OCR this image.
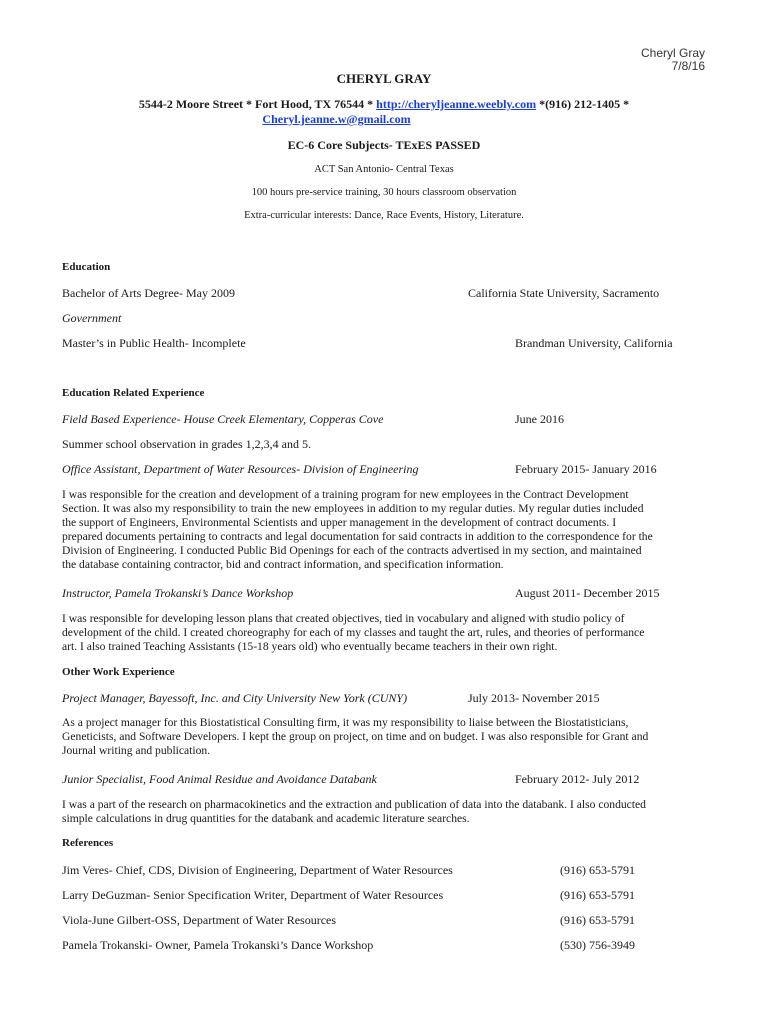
Cheryl Gray
7/8/16
CHERYL GRAY
5544-2 Moore Street * Fort Hood, TX 76544 * http://cheryljeanne.weebly.com *(916) 212-1405 *
Cheryl.jeanne.w@gmail.com
EC-6 Core Subjects- TExES PASSED
ACT San Antonio- Central Texas
100 hours pre-service training, 30 hours classroom observation
Extra-curricular interests: Dance, Race Events, History, Literature.
Education
Bachelor of Arts Degree- May 2009	California State University, Sacramento
Government
Master’s in Public Health- Incomplete	Brandman University, California
Education Related Experience
Field Based Experience- House Creek Elementary, Copperas Cove	June 2016
Summer school observation in grades 1,2,3,4 and 5.
Office Assistant, Department of Water Resources- Division of Engineering	February 2015- January 2016
I was responsible for the creation and development of a training program for new employees in the Contract Development
Section. It was also my responsibility to train the new employees in addition to my regular duties. My regular duties included
the support of Engineers, Environmental Scientists and upper management in the development of contract documents. I
prepared documents pertaining to contracts and legal documentation for said contracts in addition to the correspondence for the
Division of Engineering. I conducted Public Bid Openings for each of the contracts advertised in my section, and maintained
the database containing contractor, bid and contract information, and specification information.
Instructor, Pamela Trokanski’s Dance Workshop	August 2011- December 2015
I was responsible for developing lesson plans that created objectives, tied in vocabulary and aligned with studio policy of
development of the child. I created choreography for each of my classes and taught the art, rules, and theories of performance
art. I also trained Teaching Assistants (15-18 years old) who eventually became teachers in their own right.
Other Work Experience
Project Manager, Bayessoft, Inc. and City University New York (CUNY)	July 2013- November 2015
As a project manager for this Biostatistical Consulting firm, it was my responsibility to liaise between the Biostatisticians,
Geneticists, and Software Developers. I kept the group on project, on time and on budget. I was also responsible for Grant and
Journal writing and publication.
Junior Specialist, Food Animal Residue and Avoidance Databank	February 2012- July 2012
I was a part of the research on pharmacokinetics and the extraction and publication of data into the databank. I also conducted
simple calculations in drug quantities for the databank and academic literature searches.
References
Jim Veres- Chief, CDS, Division of Engineering, Department of Water Resources	(916) 653-5791
Larry DeGuzman- Senior Specification Writer, Department of Water Resources	(916) 653-5791
Viola-June Gilbert-OSS, Department of Water Resources	(916) 653-5791
Pamela Trokanski- Owner, Pamela Trokanski’s Dance Workshop	(530) 756-3949
